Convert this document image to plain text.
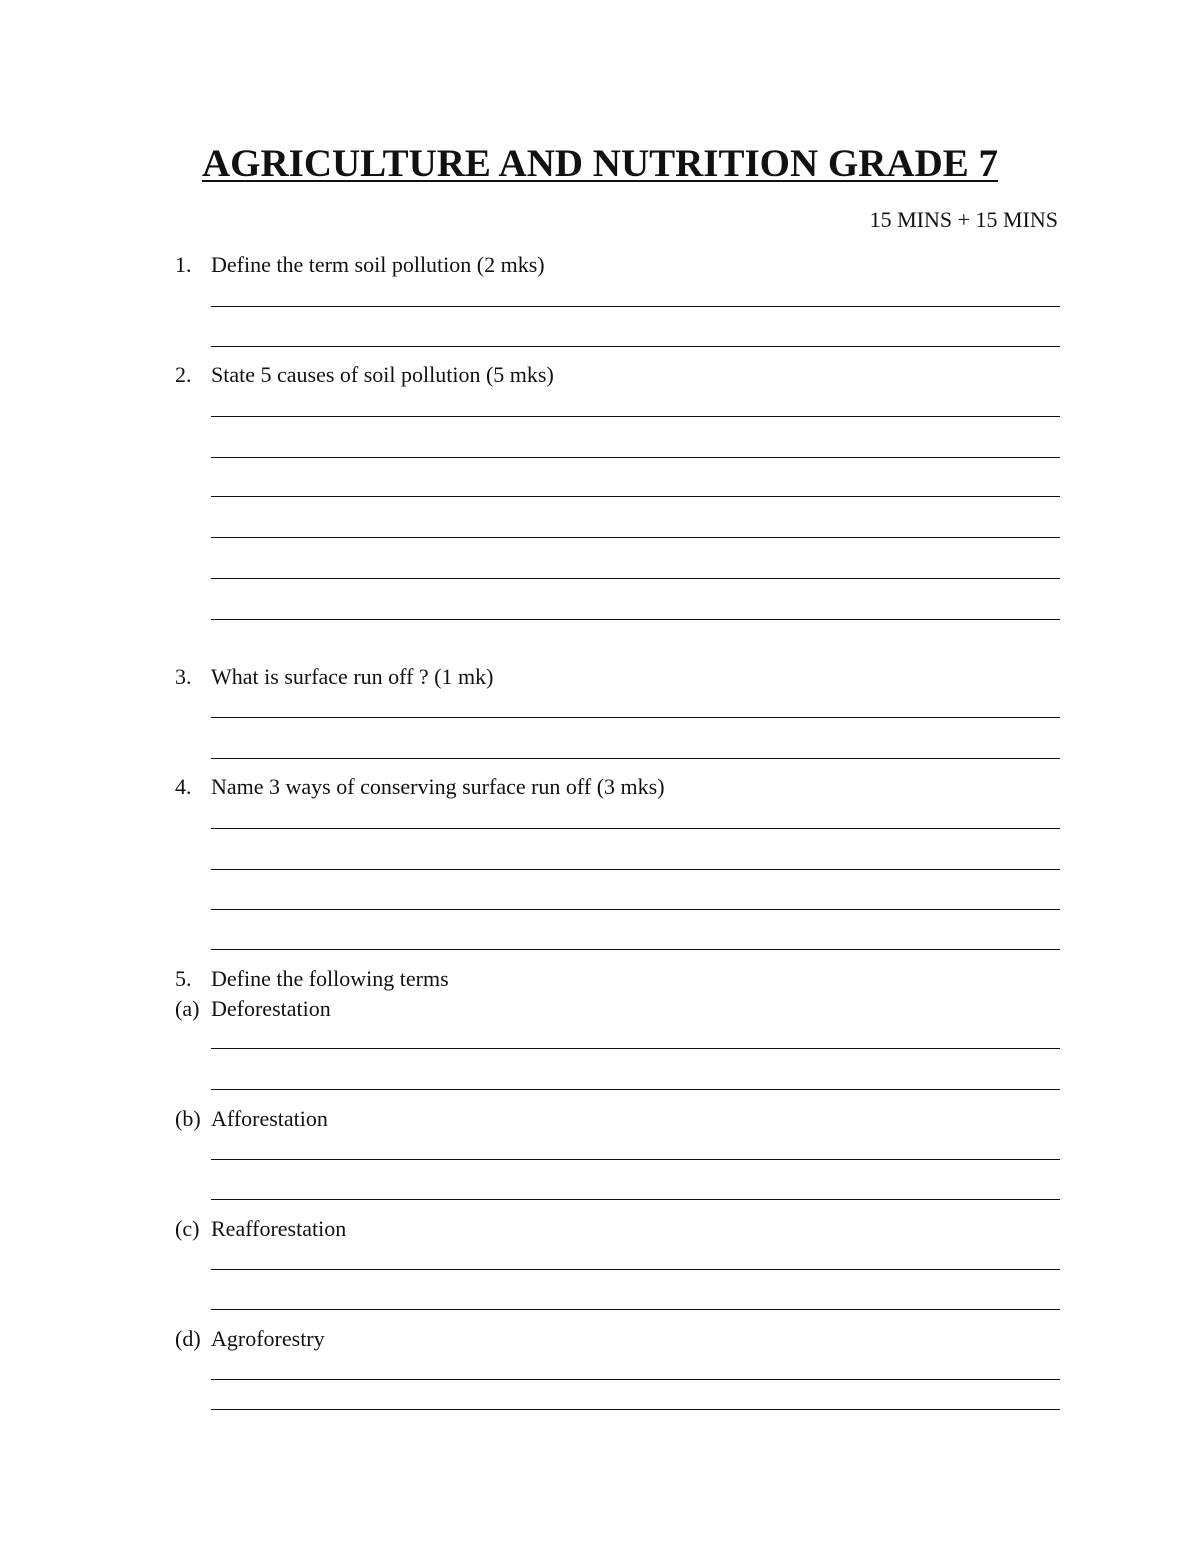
AGRICULTURE AND NUTRITION GRADE 7
15 MINS + 15 MINS
1. Define the term soil pollution (2 mks)
2. State 5 causes of soil pollution (5 mks)
3. What is surface run off ? (1 mk)
4. Name 3 ways of conserving surface run off (3 mks)
5. Define the following terms
(a) Deforestation
(b) Afforestation
(c) Reafforestation
(d) Agroforestry
